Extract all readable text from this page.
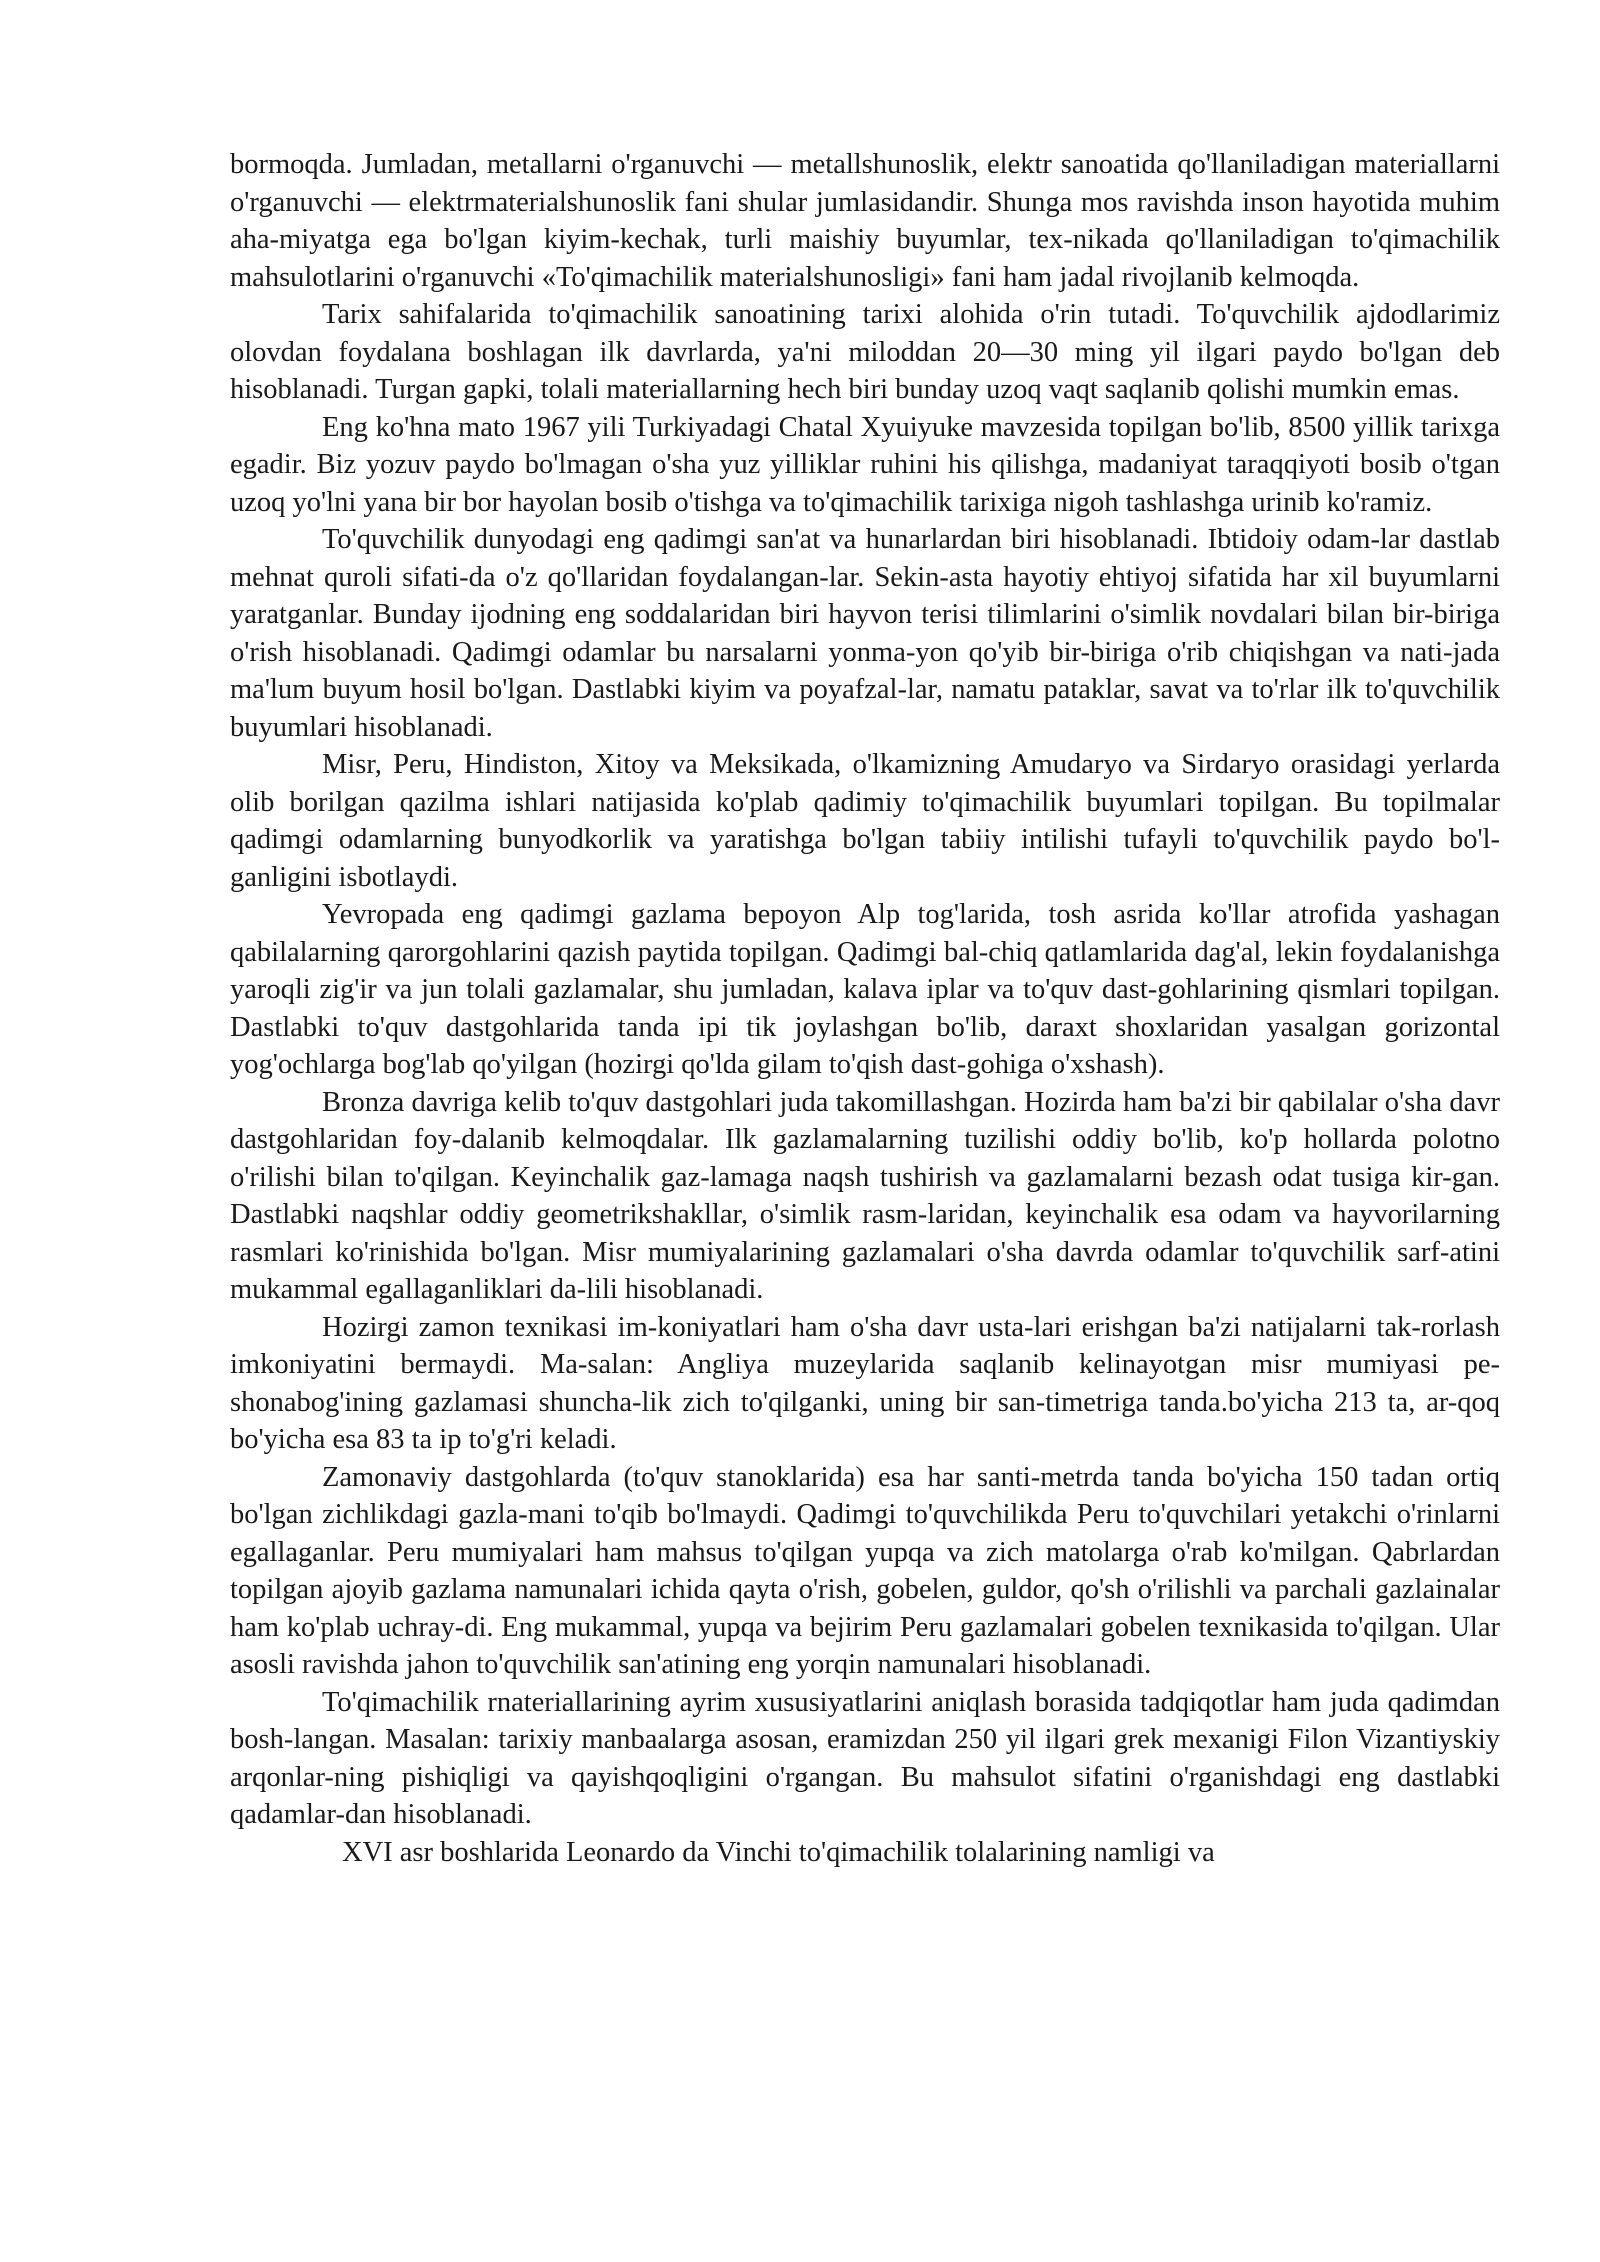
bormoqda. Jumladan, metallarni o'rganuvchi — metallshunoslik, elektr sanoatida qo'llaniladigan materiallarni o'rganuvchi — elektrmaterialshunoslik fani shular jumlasidandir. Shunga mos ravishda inson hayotida muhim aha-miyatga ega bo'lgan kiyim-kechak, turli maishiy buyumlar, tex-nikada qo'llaniladigan to'qimachilik mahsulotlarini o'rganuvchi «To'qimachilik materialshunosligi» fani ham jadal rivojlanib kelmoqda.

Tarix sahifalarida to'qimachilik sanoatining tarixi alohida o'rin tutadi. To'quvchilik ajdodlarimiz olovdan foydalana boshlagan ilk davrlarda, ya'ni miloddan 20—30 ming yil ilgari paydo bo'lgan deb hisoblanadi. Turgan gapki, tolali materiallarning hech biri bunday uzoq vaqt saqlanib qolishi mumkin emas.

Eng ko'hna mato 1967 yili Turkiyadagi Chatal Xyuiyuke mavzesida topilgan bo'lib, 8500 yillik tarixga egadir. Biz yozuv paydo bo'lmagan o'sha yuz yilliklar ruhini his qilishga, madaniyat taraqqiyoti bosib o'tgan uzoq yo'lni yana bir bor hayolan bosib o'tishga va to'qimachilik tarixiga nigoh tashlashga urinib ko'ramiz.

To'quvchilik dunyodagi eng qadimgi san'at va hunarlardan biri hisoblanadi. Ibtidoiy odam-lar dastlab mehnat quroli sifati-da o'z qo'llaridan foydalangan-lar. Sekin-asta hayotiy ehtiyoj sifatida har xil buyumlarni yaratganlar. Bunday ijodning eng soddalaridan biri hayvon terisi tilimlarini o'simlik novdalari bilan bir-biriga o'rish hisoblanadi. Qadimgi odamlar bu narsalarni yonma-yon qo'yib bir-biriga o'rib chiqishgan va nati-jada ma'lum buyum hosil bo'lgan. Dastlabki kiyim va poyafzal-lar, namatu pataklar, savat va to'rlar ilk to'quvchilik buyumlari hisoblanadi.

Misr, Peru, Hindiston, Xitoy va Meksikada, o'lkamizning Amudaryo va Sirdaryo orasidagi yerlarda olib borilgan qazilma ishlari natijasida ko'plab qadimiy to'qimachilik buyumlari topilgan. Bu topilmalar qadimgi odamlarning bunyodkorlik va yaratishga bo'lgan tabiiy intilishi tufayli to'quvchilik paydo bo'l-ganligini isbotlaydi.

Yevropada eng qadimgi gazlama bepoyon Alp tog'larida, tosh asrida ko'llar atrofida yashagan qabilalarning qarorgohlarini qazish paytida topilgan. Qadimgi bal-chiq qatlamlarida dag'al, lekin foydalanishga yaroqli zig'ir va jun tolali gazlamalar, shu jumladan, kalava iplar va to'quv dast-gohlarining qismlari topilgan. Dastlabki to'quv dastgohlarida tanda ipi tik joylashgan bo'lib, daraxt shoxlaridan yasalgan gorizontal yog'ochlarga bog'lab qo'yilgan (hozirgi qo'lda gilam to'qish dast-gohiga o'xshash).

Bronza davriga kelib to'quv dastgohlari juda takomillashgan. Hozirda ham ba'zi bir qabilalar o'sha davr dastgohlaridan foy-dalanib kelmoqdalar. Ilk gazlamalarning tuzilishi oddiy bo'lib, ko'p hollarda polotno o'rilishi bilan to'qilgan. Keyinchalik gaz-lamaga naqsh tushirish va gazlamalarni bezash odat tusiga kir-gan. Dastlabki naqshlar oddiy geometrikshakllar, o'simlik rasm-laridan, keyinchalik esa odam va hayvorilarning rasmlari ko'rinishida bo'lgan. Misr mumiyalarining gazlamalari o'sha davrda odamlar to'quvchilik sarf-atini mukammal egallaganliklari da-lili hisoblanadi.

Hozirgi zamon texnikasi im-koniyatlari ham o'sha davr usta-lari erishgan ba'zi natijalarni tak-rorlash imkoniyatini bermaydi. Ma-salan: Angliya muzeylarida saqlanib kelinayotgan misr mumiyasi pe-shonabog'ining gazlamasi shuncha-lik zich to'qilganki, uning bir san-timetriga tanda.bo'yicha 213 ta, ar-qoq bo'yicha esa 83 ta ip to'g'ri keladi.

Zamonaviy dastgohlarda (to'quv stanoklarida) esa har santi-metrda tanda bo'yicha 150 tadan ortiq bo'lgan zichlikdagi gazla-mani to'qib bo'lmaydi. Qadimgi to'quvchilikda Peru to'quvchilari yetakchi o'rinlarni egallaganlar. Peru mumiyalari ham mahsus to'qilgan yupqa va zich matolarga o'rab ko'milgan. Qabrlardan topilgan ajoyib gazlama namunalari ichida qayta o'rish, gobelen, guldor, qo'sh o'rilishli va parchali gazlainalar ham ko'plab uchray-di. Eng mukammal, yupqa va bejirim Peru gazlamalari gobelen texnikasida to'qilgan. Ular asosli ravishda jahon to'quvchilik san'atining eng yorqin namunalari hisoblanadi.

To'qimachilik rnateriallarining ayrim xususiyatlarini aniqlash borasida tadqiqotlar ham juda qadimdan bosh-langan. Masalan: tarixiy manbaalarga asosan, eramizdan 250 yil ilgari grek mexanigi Filon Vizantiyskiy arqonlar-ning pishiqligi va qayishqoqligini o'rgangan. Bu mahsulot sifatini o'rganishdagi eng dastlabki qadamlar-dan hisoblanadi.

XVI asr boshlarida Leonardo da Vinchi to'qimachilik tolalarining namligi va
